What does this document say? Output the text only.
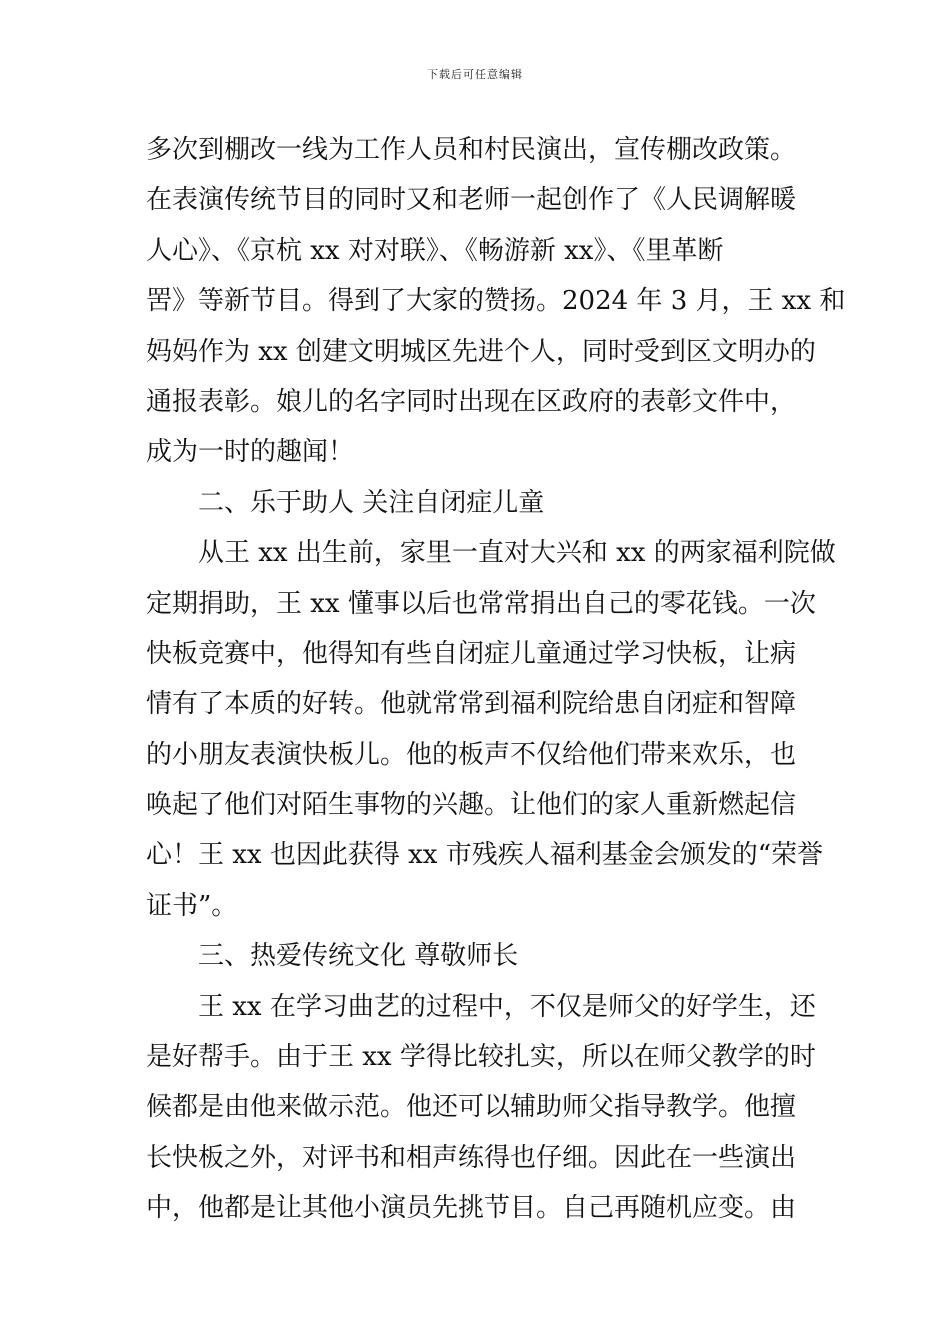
下载后可任意编辑
多次到棚改一线为工作人员和村民演出，宣传棚改政策。
在表演传统节目的同时又和老师一起创作了《人民调解暖
人心》、《京杭 xx 对对联》、《畅游新 xx》、《里革断
罟》等新节目。得到了大家的赞扬。2024 年 3 月，王 xx 和
妈妈作为 xx 创建文明城区先进个人，同时受到区文明办的
通报表彰。娘儿的名字同时出现在区政府的表彰文件中，
成为一时的趣闻！
二、乐于助人 关注自闭症儿童
从王 xx 出生前，家里一直对大兴和 xx 的两家福利院做
定期捐助，王 xx 懂事以后也常常捐出自己的零花钱。一次
快板竞赛中，他得知有些自闭症儿童通过学习快板，让病
情有了本质的好转。他就常常到福利院给患自闭症和智障
的小朋友表演快板儿。他的板声不仅给他们带来欢乐，也
唤起了他们对陌生事物的兴趣。让他们的家人重新燃起信
心！王 xx 也因此获得 xx 市残疾人福利基金会颁发的“荣誉
证书”。
三、热爱传统文化 尊敬师长
王 xx 在学习曲艺的过程中，不仅是师父的好学生，还
是好帮手。由于王 xx 学得比较扎实，所以在师父教学的时
候都是由他来做示范。他还可以辅助师父指导教学。他擅
长快板之外，对评书和相声练得也仔细。因此在一些演出
中，他都是让其他小演员先挑节目。自己再随机应变。由
